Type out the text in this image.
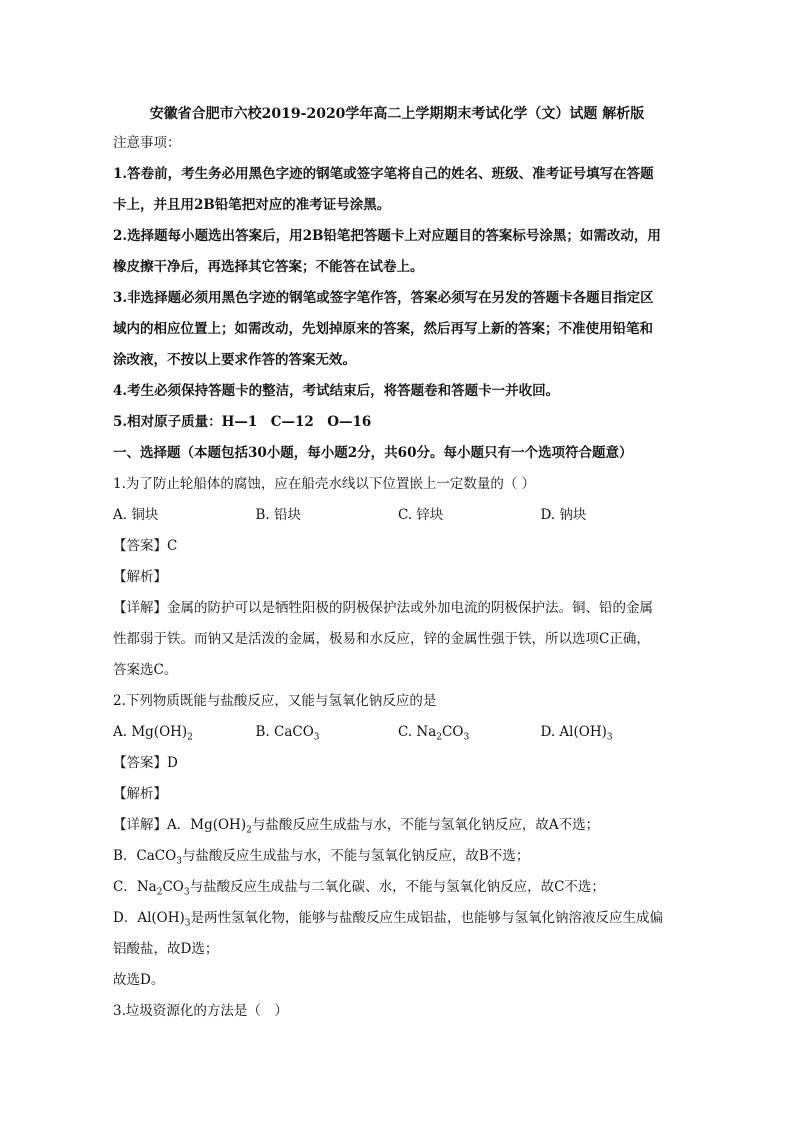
安徽省合肥市六校2019-2020学年高二上学期期末考试化学（文）试题 解析版
注意事项：
1.答卷前，考生务必用黑色字迹的钢笔或签字笔将自己的姓名、班级、准考证号填写在答题
卡上，并且用2B铅笔把对应的准考证号涂黑。
2.选择题每小题选出答案后，用2B铅笔把答题卡上对应题目的答案标号涂黑；如需改动，用
橡皮擦干净后，再选择其它答案；不能答在试卷上。
3.非选择题必须用黑色字迹的钢笔或签字笔作答，答案必须写在另发的答题卡各题目指定区
域内的相应位置上；如需改动，先划掉原来的答案，然后再写上新的答案；不准使用铅笔和
涂改液，不按以上要求作答的答案无效。
4.考生必须保持答题卡的整洁，考试结束后，将答题卷和答题卡一并收回。
5.相对原子质量：H—1　C—12　O—16
一、选择题（本题包括30小题，每小题2分，共60分。每小题只有一个选项符合题意）
1.为了防止轮船体的腐蚀，应在船壳水线以下位置嵌上一定数量的（ ）
A. 铜块	B. 铅块	C. 锌块	D. 钠块
【答案】C
【解析】
【详解】金属的防护可以是牺牲阳极的阴极保护法或外加电流的阴极保护法。铜、铅的金属
性都弱于铁。而钠又是活泼的金属，极易和水反应，锌的金属性强于铁，所以选项C正确，
答案选C。
2.下列物质既能与盐酸反应，又能与氢氧化钠反应的是
A. $Mg(OH)_2$	B. CaCO$_3$	C. $Na_2CO_3$	D. $Al(OH)_3$
【答案】D
【解析】
【详解】A．$Mg(OH)_2$与盐酸反应生成盐与水，不能与氢氧化钠反应，故A不选；
B．CaCO$_3$与盐酸反应生成盐与水，不能与氢氧化钠反应，故B不选；
C．$Na_2CO_3$与盐酸反应生成盐与二氧化碳、水，不能与氢氧化钠反应，故C不选；
D．$Al(OH)_3$是两性氢氧化物，能够与盐酸反应生成铝盐，也能够与氢氧化钠溶液反应生成偏
铝酸盐，故D选；
故选D。
3.垃圾资源化的方法是（　）
